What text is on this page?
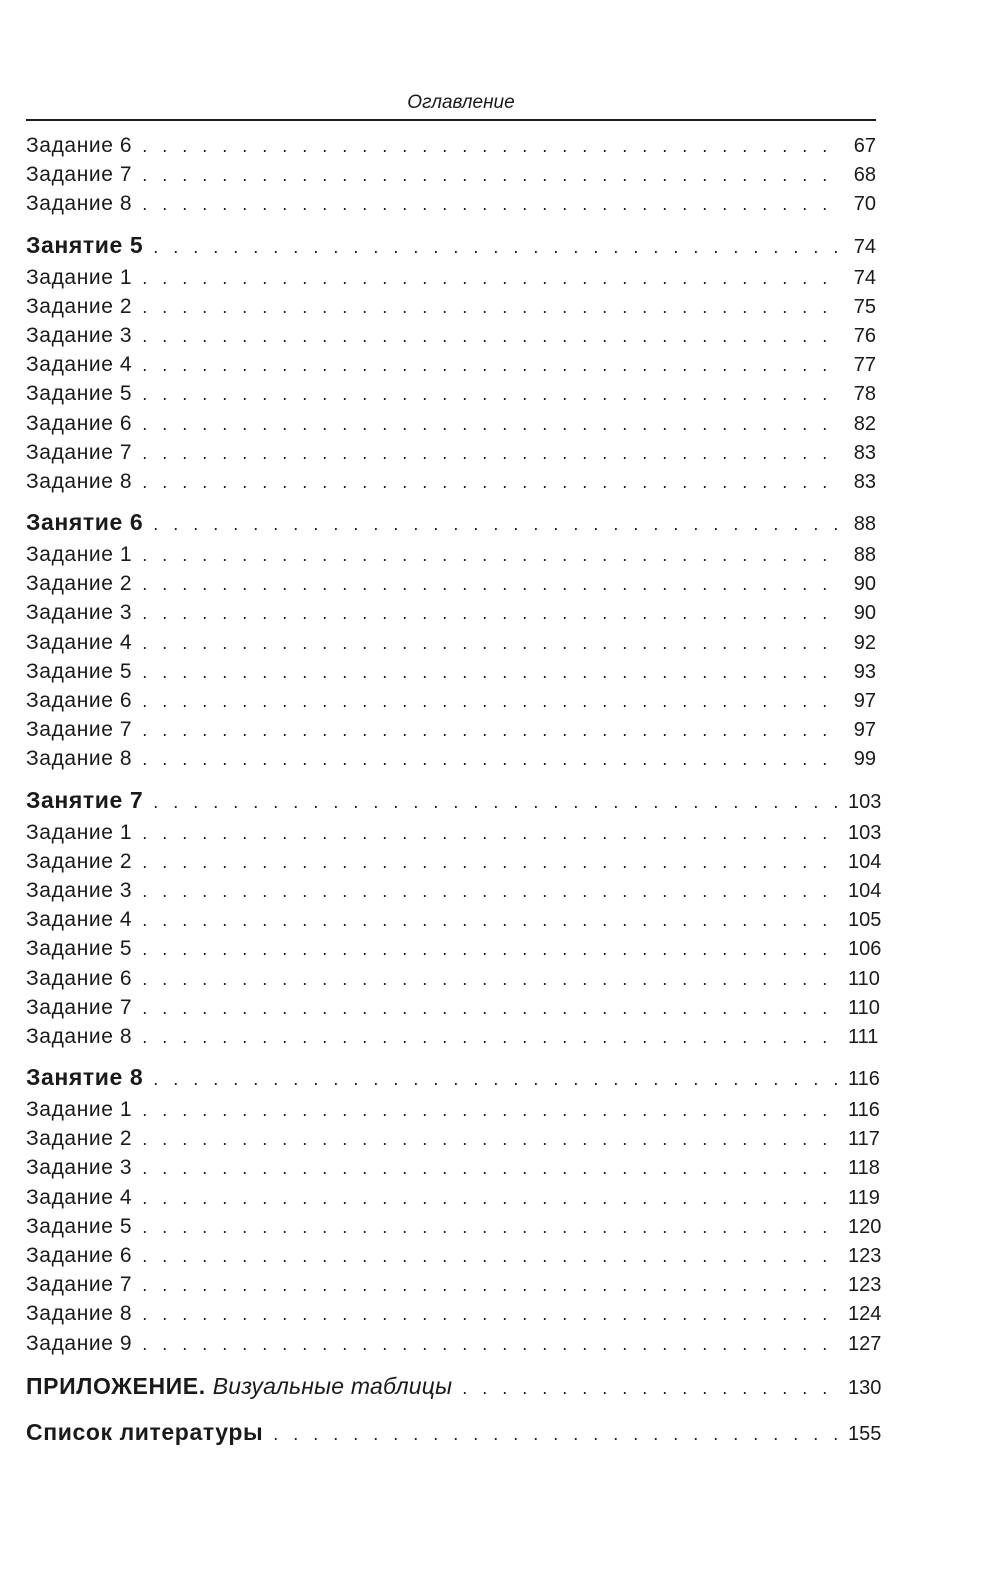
Оглавление
Задание 6 . . .	67
Задание 7 . . .	68
Задание 8 . . .	70
Занятие 5 . . .	74
Задание 1 . . .	74
Задание 2 . . .	75
Задание 3 . . .	76
Задание 4 . . .	77
Задание 5 . . .	78
Задание 6 . . .	82
Задание 7 . . .	83
Задание 8 . . .	83
Занятие 6 . . .	88
Задание 1 . . .	88
Задание 2 . . .	90
Задание 3 . . .	90
Задание 4 . . .	92
Задание 5 . . .	93
Задание 6 . . .	97
Задание 7 . . .	97
Задание 8 . . .	99
Занятие 7 . . .	103
Задание 1 . . .	103
Задание 2 . . .	104
Задание 3 . . .	104
Задание 4 . . .	105
Задание 5 . . .	106
Задание 6 . . .	110
Задание 7 . . .	110
Задание 8 . . .	111
Занятие 8 . . .	116
Задание 1 . . .	116
Задание 2 . . .	117
Задание 3 . . .	118
Задание 4 . . .	119
Задание 5 . . .	120
Задание 6 . . .	123
Задание 7 . . .	123
Задание 8 . . .	124
Задание 9 . . .	127
ПРИЛОЖЕНИЕ. Визуальные таблицы . . .	130
Список литературы . . .	155
